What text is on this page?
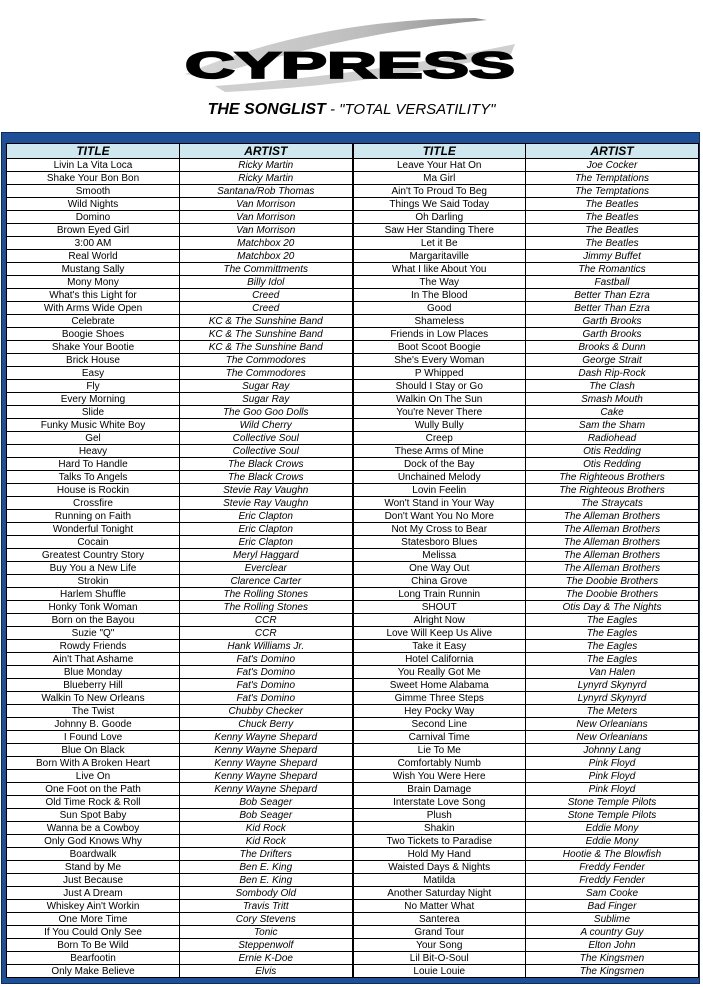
CYPRESS
THE SONGLIST - "TOTAL VERSATILITY"
TITLE	ARTIST	TITLE	ARTIST
Livin La Vita Loca	Ricky Martin	Leave Your Hat On	Joe Cocker
Shake Your Bon Bon	Ricky Martin	Ma Girl	The Temptations
Smooth	Santana/Rob Thomas	Ain't To Proud To Beg	The Temptations
Wild Nights	Van Morrison	Things We Said Today	The Beatles
Domino	Van Morrison	Oh Darling	The Beatles
Brown Eyed Girl	Van Morrison	Saw Her Standing There	The Beatles
3:00 AM	Matchbox 20	Let it Be	The Beatles
Real World	Matchbox 20	Margaritaville	Jimmy Buffet
Mustang Sally	The Committments	What I like About You	The Romantics
Mony Mony	Billy Idol	The Way	Fastball
What's this Light for	Creed	In The Blood	Better Than Ezra
With Arms Wide Open	Creed	Good	Better Than Ezra
Celebrate	KC & The Sunshine Band	Shameless	Garth Brooks
Boogie Shoes	KC & The Sunshine Band	Friends in Low Places	Garth Brooks
Shake Your Bootie	KC & The Sunshine Band	Boot Scoot Boogie	Brooks & Dunn
Brick House	The Commodores	She's Every Woman	George Strait
Easy	The Commodores	P Whipped	Dash Rip-Rock
Fly	Sugar Ray	Should I Stay or Go	The Clash
Every Morning	Sugar Ray	Walkin On The Sun	Smash Mouth
Slide	The Goo Goo Dolls	You're Never There	Cake
Funky Music White Boy	Wild Cherry	Wully Bully	Sam the Sham
Gel	Collective Soul	Creep	Radiohead
Heavy	Collective Soul	These Arms of Mine	Otis Redding
Hard To Handle	The Black Crows	Dock of the Bay	Otis Redding
Talks To Angels	The Black Crows	Unchained Melody	The Righteous Brothers
House is Rockin	Stevie Ray Vaughn	Lovin Feelin	The Righteous Brothers
Crossfire	Stevie Ray Vaughn	Won't Stand in Your Way	The Straycats
Running on Faith	Eric Clapton	Don't Want You No More	The Alleman Brothers
Wonderful Tonight	Eric Clapton	Not My Cross to Bear	The Alleman Brothers
Cocain	Eric Clapton	Statesboro Blues	The Alleman Brothers
Greatest Country Story	Meryl Haggard	Melissa	The Alleman Brothers
Buy You a New Life	Everclear	One Way Out	The Alleman Brothers
Strokin	Clarence Carter	China Grove	The Doobie Brothers
Harlem Shuffle	The Rolling Stones	Long Train Runnin	The Doobie Brothers
Honky Tonk Woman	The Rolling Stones	SHOUT	Otis Day & The Nights
Born on the Bayou	CCR	Alright Now	The Eagles
Suzie "Q"	CCR	Love Will Keep Us Alive	The Eagles
Rowdy Friends	Hank Williams Jr.	Take it Easy	The Eagles
Ain't That Ashame	Fat's Domino	Hotel California	The Eagles
Blue Monday	Fat's Domino	You Really Got Me	Van Halen
Blueberry Hill	Fat's Domino	Sweet Home Alabama	Lynyrd Skynyrd
Walkin To New Orleans	Fat's Domino	Gimme Three Steps	Lynyrd Skynyrd
The Twist	Chubby Checker	Hey Pocky Way	The Meters
Johnny B. Goode	Chuck Berry	Second Line	New Orleanians
I Found Love	Kenny Wayne Shepard	Carnival Time	New Orleanians
Blue On Black	Kenny Wayne Shepard	Lie To Me	Johnny Lang
Born With A Broken Heart	Kenny Wayne Shepard	Comfortably Numb	Pink Floyd
Live On	Kenny Wayne Shepard	Wish You Were Here	Pink Floyd
One Foot on the Path	Kenny Wayne Shepard	Brain Damage	Pink Floyd
Old Time Rock & Roll	Bob Seager	Interstate Love Song	Stone Temple Pilots
Sun Spot Baby	Bob Seager	Plush	Stone Temple Pilots
Wanna be a Cowboy	Kid Rock	Shakin	Eddie Mony
Only God Knows Why	Kid Rock	Two Tickets to Paradise	Eddie Mony
Boardwalk	The Drifters	Hold My Hand	Hootie & The Blowfish
Stand by Me	Ben E. King	Waisted Days & Nights	Freddy Fender
Just Because	Ben E. King	Matilda	Freddy Fender
Just A Dream	Sombody Old	Another Saturday Night	Sam Cooke
Whiskey Ain't Workin	Travis Tritt	No Matter What	Bad Finger
One More Time	Cory Stevens	Santerea	Sublime
If You Could Only See	Tonic	Grand Tour	A country Guy
Born To Be Wild	Steppenwolf	Your Song	Elton John
Bearfootin	Ernie K-Doe	Lil Bit-O-Soul	The Kingsmen
Only Make Believe	Elvis	Louie Louie	The Kingsmen
